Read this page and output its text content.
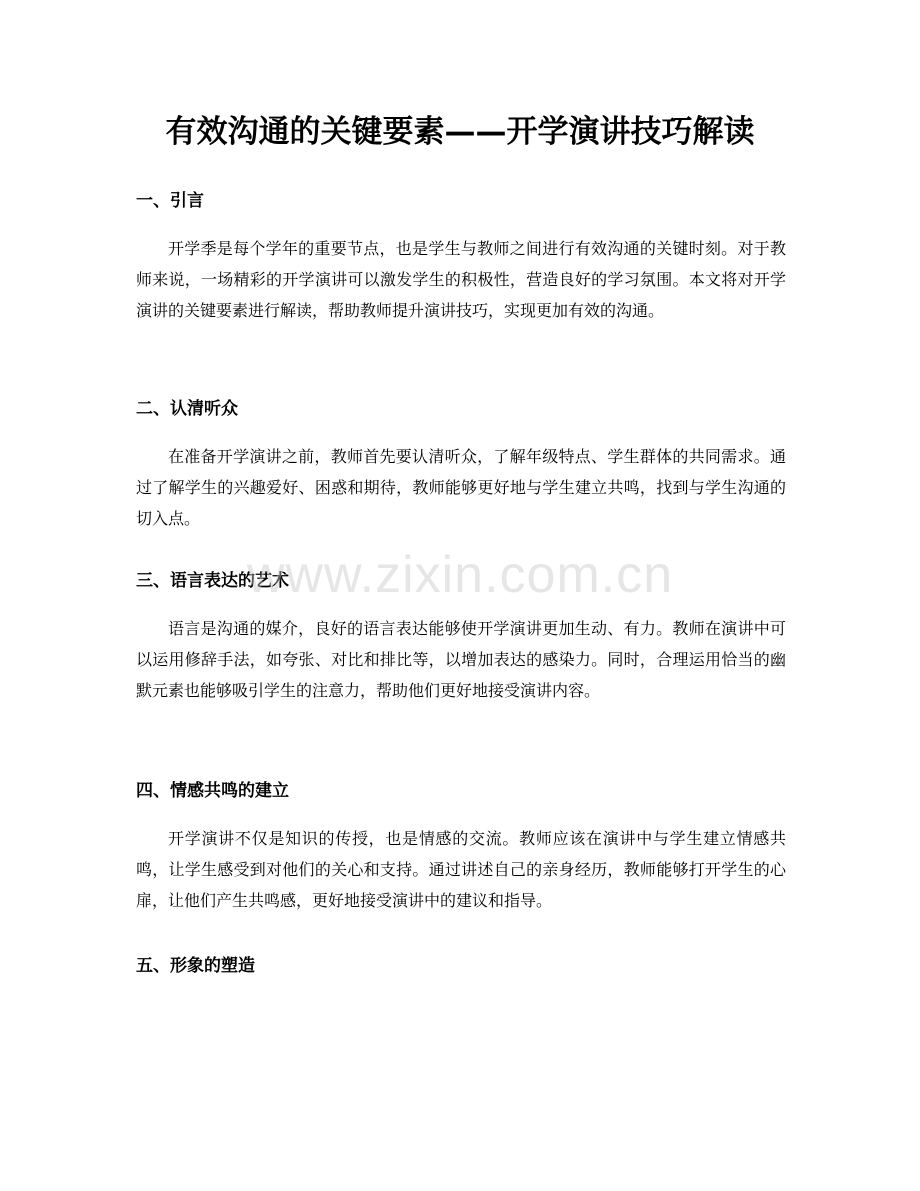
有效沟通的关键要素——开学演讲技巧解读
一、引言

开学季是每个学年的重要节点，也是学生与教师之间进行有效沟通的关键时刻。对于教师来说，一场精彩的开学演讲可以激发学生的积极性，营造良好的学习氛围。本文将对开学演讲的关键要素进行解读，帮助教师提升演讲技巧，实现更加有效的沟通。

二、认清听众

在准备开学演讲之前，教师首先要认清听众，了解年级特点、学生群体的共同需求。通过了解学生的兴趣爱好、困惑和期待，教师能够更好地与学生建立共鸣，找到与学生沟通的切入点。

三、语言表达的艺术

语言是沟通的媒介，良好的语言表达能够使开学演讲更加生动、有力。教师在演讲中可以运用修辞手法，如夸张、对比和排比等，以增加表达的感染力。同时，合理运用恰当的幽默元素也能够吸引学生的注意力，帮助他们更好地接受演讲内容。

四、情感共鸣的建立

开学演讲不仅是知识的传授，也是情感的交流。教师应该在演讲中与学生建立情感共鸣，让学生感受到对他们的关心和支持。通过讲述自己的亲身经历，教师能够打开学生的心扉，让他们产生共鸣感，更好地接受演讲中的建议和指导。

五、形象的塑造
www.zixin.com.cn
